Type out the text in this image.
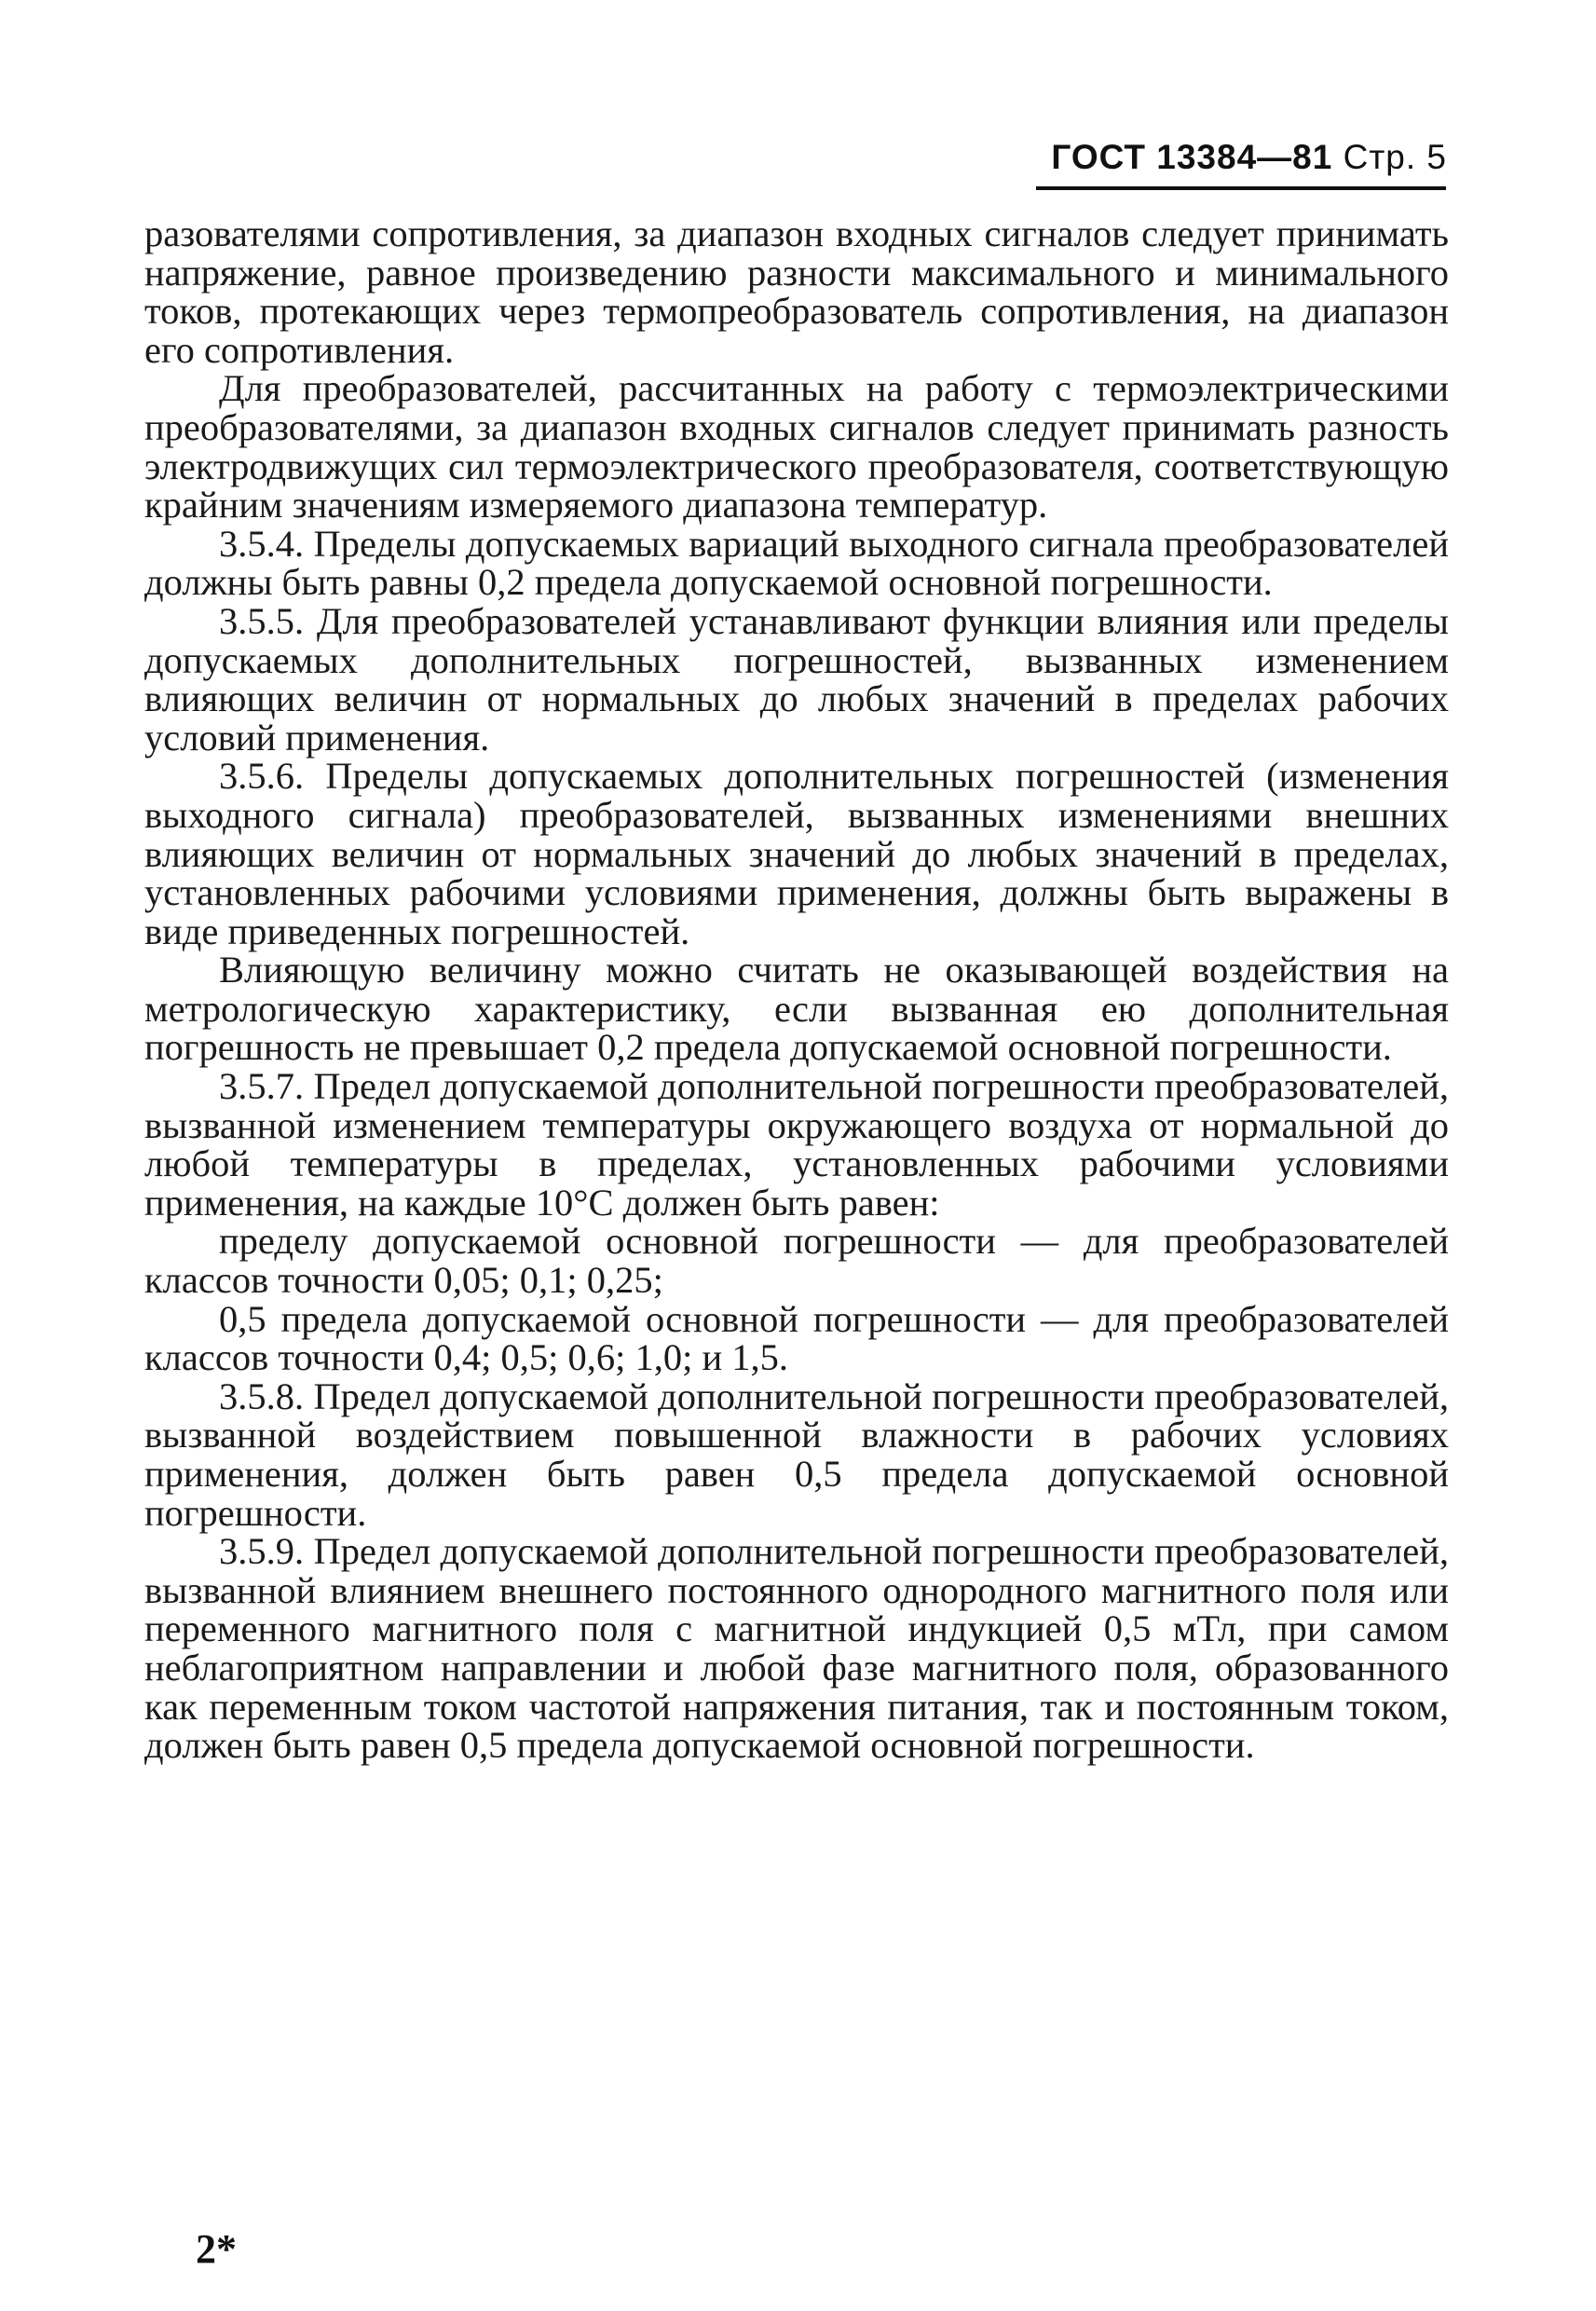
ГОСТ 13384—81 Стр. 5

разователями сопротивления, за диапазон входных сигналов следует принимать напряжение, равное произведению разности максимального и минимального токов, протекающих через термопреобразователь сопротивления, на диапазон его сопротивления.

Для преобразователей, рассчитанных на работу с термоэлектрическими преобразователями, за диапазон входных сигналов следует принимать разность электродвижущих сил термоэлектрического преобразователя, соответствующую крайним значениям измеряемого диапазона температур.

3.5.4. Пределы допускаемых вариаций выходного сигнала преобразователей должны быть равны 0,2 предела допускаемой основной погрешности.

3.5.5. Для преобразователей устанавливают функции влияния или пределы допускаемых дополнительных погрешностей, вызванных изменением влияющих величин от нормальных до любых значений в пределах рабочих условий применения.

3.5.6. Пределы допускаемых дополнительных погрешностей (изменения выходного сигнала) преобразователей, вызванных изменениями внешних влияющих величин от нормальных значений до любых значений в пределах, установленных рабочими условиями применения, должны быть выражены в виде приведенных погрешностей.

Влияющую величину можно считать не оказывающей воздействия на метрологическую характеристику, если вызванная ею дополнительная погрешность не превышает 0,2 предела допускаемой основной погрешности.

3.5.7. Предел допускаемой дополнительной погрешности преобразователей, вызванной изменением температуры окружающего воздуха от нормальной до любой температуры в пределах, установленных рабочими условиями применения, на каждые 10°С должен быть равен:

пределу допускаемой основной погрешности — для преобразователей классов точности 0,05; 0,1; 0,25;

0,5 предела допускаемой основной погрешности — для преобразователей классов точности 0,4; 0,5; 0,6; 1,0; и 1,5.

3.5.8. Предел допускаемой дополнительной погрешности преобразователей, вызванной воздействием повышенной влажности в рабочих условиях применения, должен быть равен 0,5 предела допускаемой основной погрешности.

3.5.9. Предел допускаемой дополнительной погрешности преобразователей, вызванной влиянием внешнего постоянного однородного магнитного поля или переменного магнитного поля с магнитной индукцией 0,5 мТл, при самом неблагоприятном направлении и любой фазе магнитного поля, образованного как переменным током частотой напряжения питания, так и постоянным током, должен быть равен 0,5 предела допускаемой основной погрешности.

2*
